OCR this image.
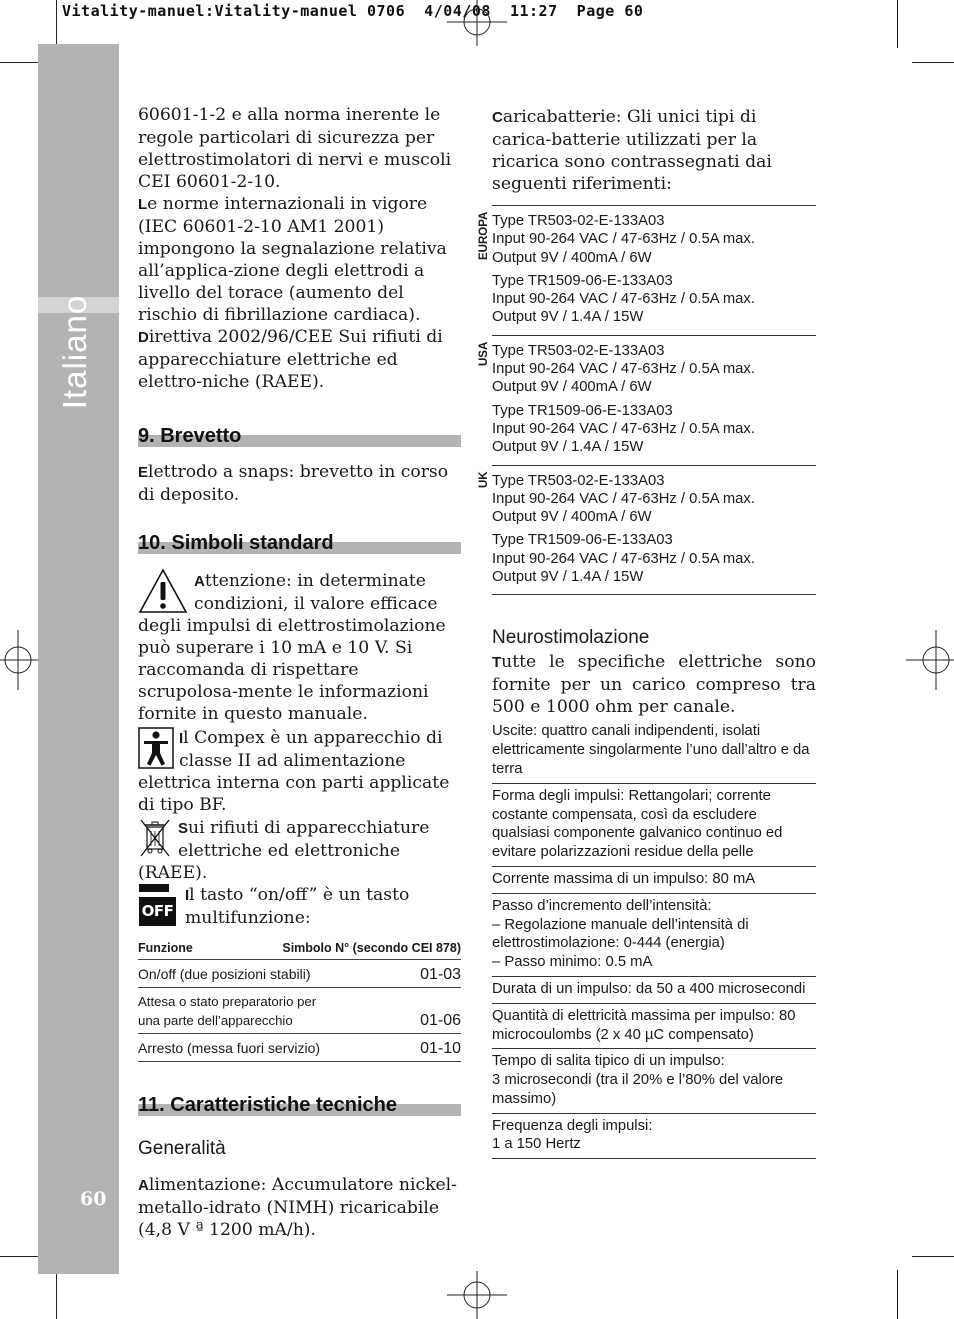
Vitality-manuel:Vitality-manuel 0706  4/04/08  11:27  Page 60
Italiano
60

60601-1-2 e alla norma inerente le regole particolari di sicurezza per elettrostimolatori di nervi e muscoli CEI 60601-2-10.

Le norme internazionali in vigore (IEC 60601-2-10 AM1 2001) impongono la segnalazione relativa all’applica-zione degli elettrodi a livello del torace (aumento del rischio di fibrillazione cardiaca).

Direttiva 2002/96/CEE Sui rifiuti di apparecchiature elettriche ed elettro-niche (RAEE).

9. Brevetto

Elettrodo a snaps: brevetto in corso di deposito.

10. Simboli standard

Attenzione: in determinate condizioni, il valore efficace degli impulsi di elettrostimolazione può superare i 10 mA e 10 V. Si raccomanda di rispettare scrupolosa-mente le informazioni fornite in questo manuale.

Il Compex è un apparecchio di classe II ad alimentazione elettrica interna con parti applicate di tipo BF.

Sui rifiuti di apparecchiature elettriche ed elettroniche (RAEE).

OFF

Il tasto “on/off” è un tasto multifunzione:

Funzione	Simbolo N° (secondo CEI 878)
On/off (due posizioni stabili)	01-03
Attesa o stato preparatorio per
una parte dell’apparecchio	01-06
Arresto (messa fuori servizio)	01-10
11. Caratteristiche tecniche
Generalità

Alimentazione: Accumulatore nickel-metallo-idrato (NIMH) ricaricabile (4,8 V ª 1200 mA/h).

Caricabatterie: Gli unici tipi di carica-batterie utilizzati per la ricarica sono contrassegnati dai seguenti riferimenti:

EUROPA Type TR503-02-E-133A03
Input 90-264 VAC / 47-63Hz / 0.5A max.
Output 9V / 400mA / 6W
Type TR1509-06-E-133A03
Input 90-264 VAC / 47-63Hz / 0.5A max.
Output 9V / 1.4A / 15W
USA Type TR503-02-E-133A03
Input 90-264 VAC / 47-63Hz / 0.5A max.
Output 9V / 400mA / 6W
Type TR1509-06-E-133A03
Input 90-264 VAC / 47-63Hz / 0.5A max.
Output 9V / 1.4A / 15W
UK Type TR503-02-E-133A03
Input 90-264 VAC / 47-63Hz / 0.5A max.
Output 9V / 400mA / 6W
Type TR1509-06-E-133A03
Input 90-264 VAC / 47-63Hz / 0.5A max.
Output 9V / 1.4A / 15W
Neurostimolazione

Tutte le specifiche elettriche sono fornite per un carico compreso tra 500 e 1000 ohm per canale.

Uscite: quattro canali indipendenti, isolati elettricamente singolarmente l’uno dall’altro e da terra
Forma degli impulsi: Rettangolari; corrente costante compensata, così da escludere qualsiasi componente galvanico continuo ed evitare polarizzazioni residue della pelle
Corrente massima di un impulso: 80 mA
Passo d’incremento dell’intensità:
– Regolazione manuale dell’intensità di elettrostimolazione: 0-444 (energia)
– Passo minimo: 0.5 mA
Durata di un impulso: da 50 a 400 microsecondi
Quantità di elettricità massima per impulso: 80 microcoulombs (2 x 40 µC compensato)
Tempo di salita tipico di un impulso:
3 microsecondi (tra il 20% e l’80% del valore massimo)
Frequenza degli impulsi:
1 a 150 Hertz
